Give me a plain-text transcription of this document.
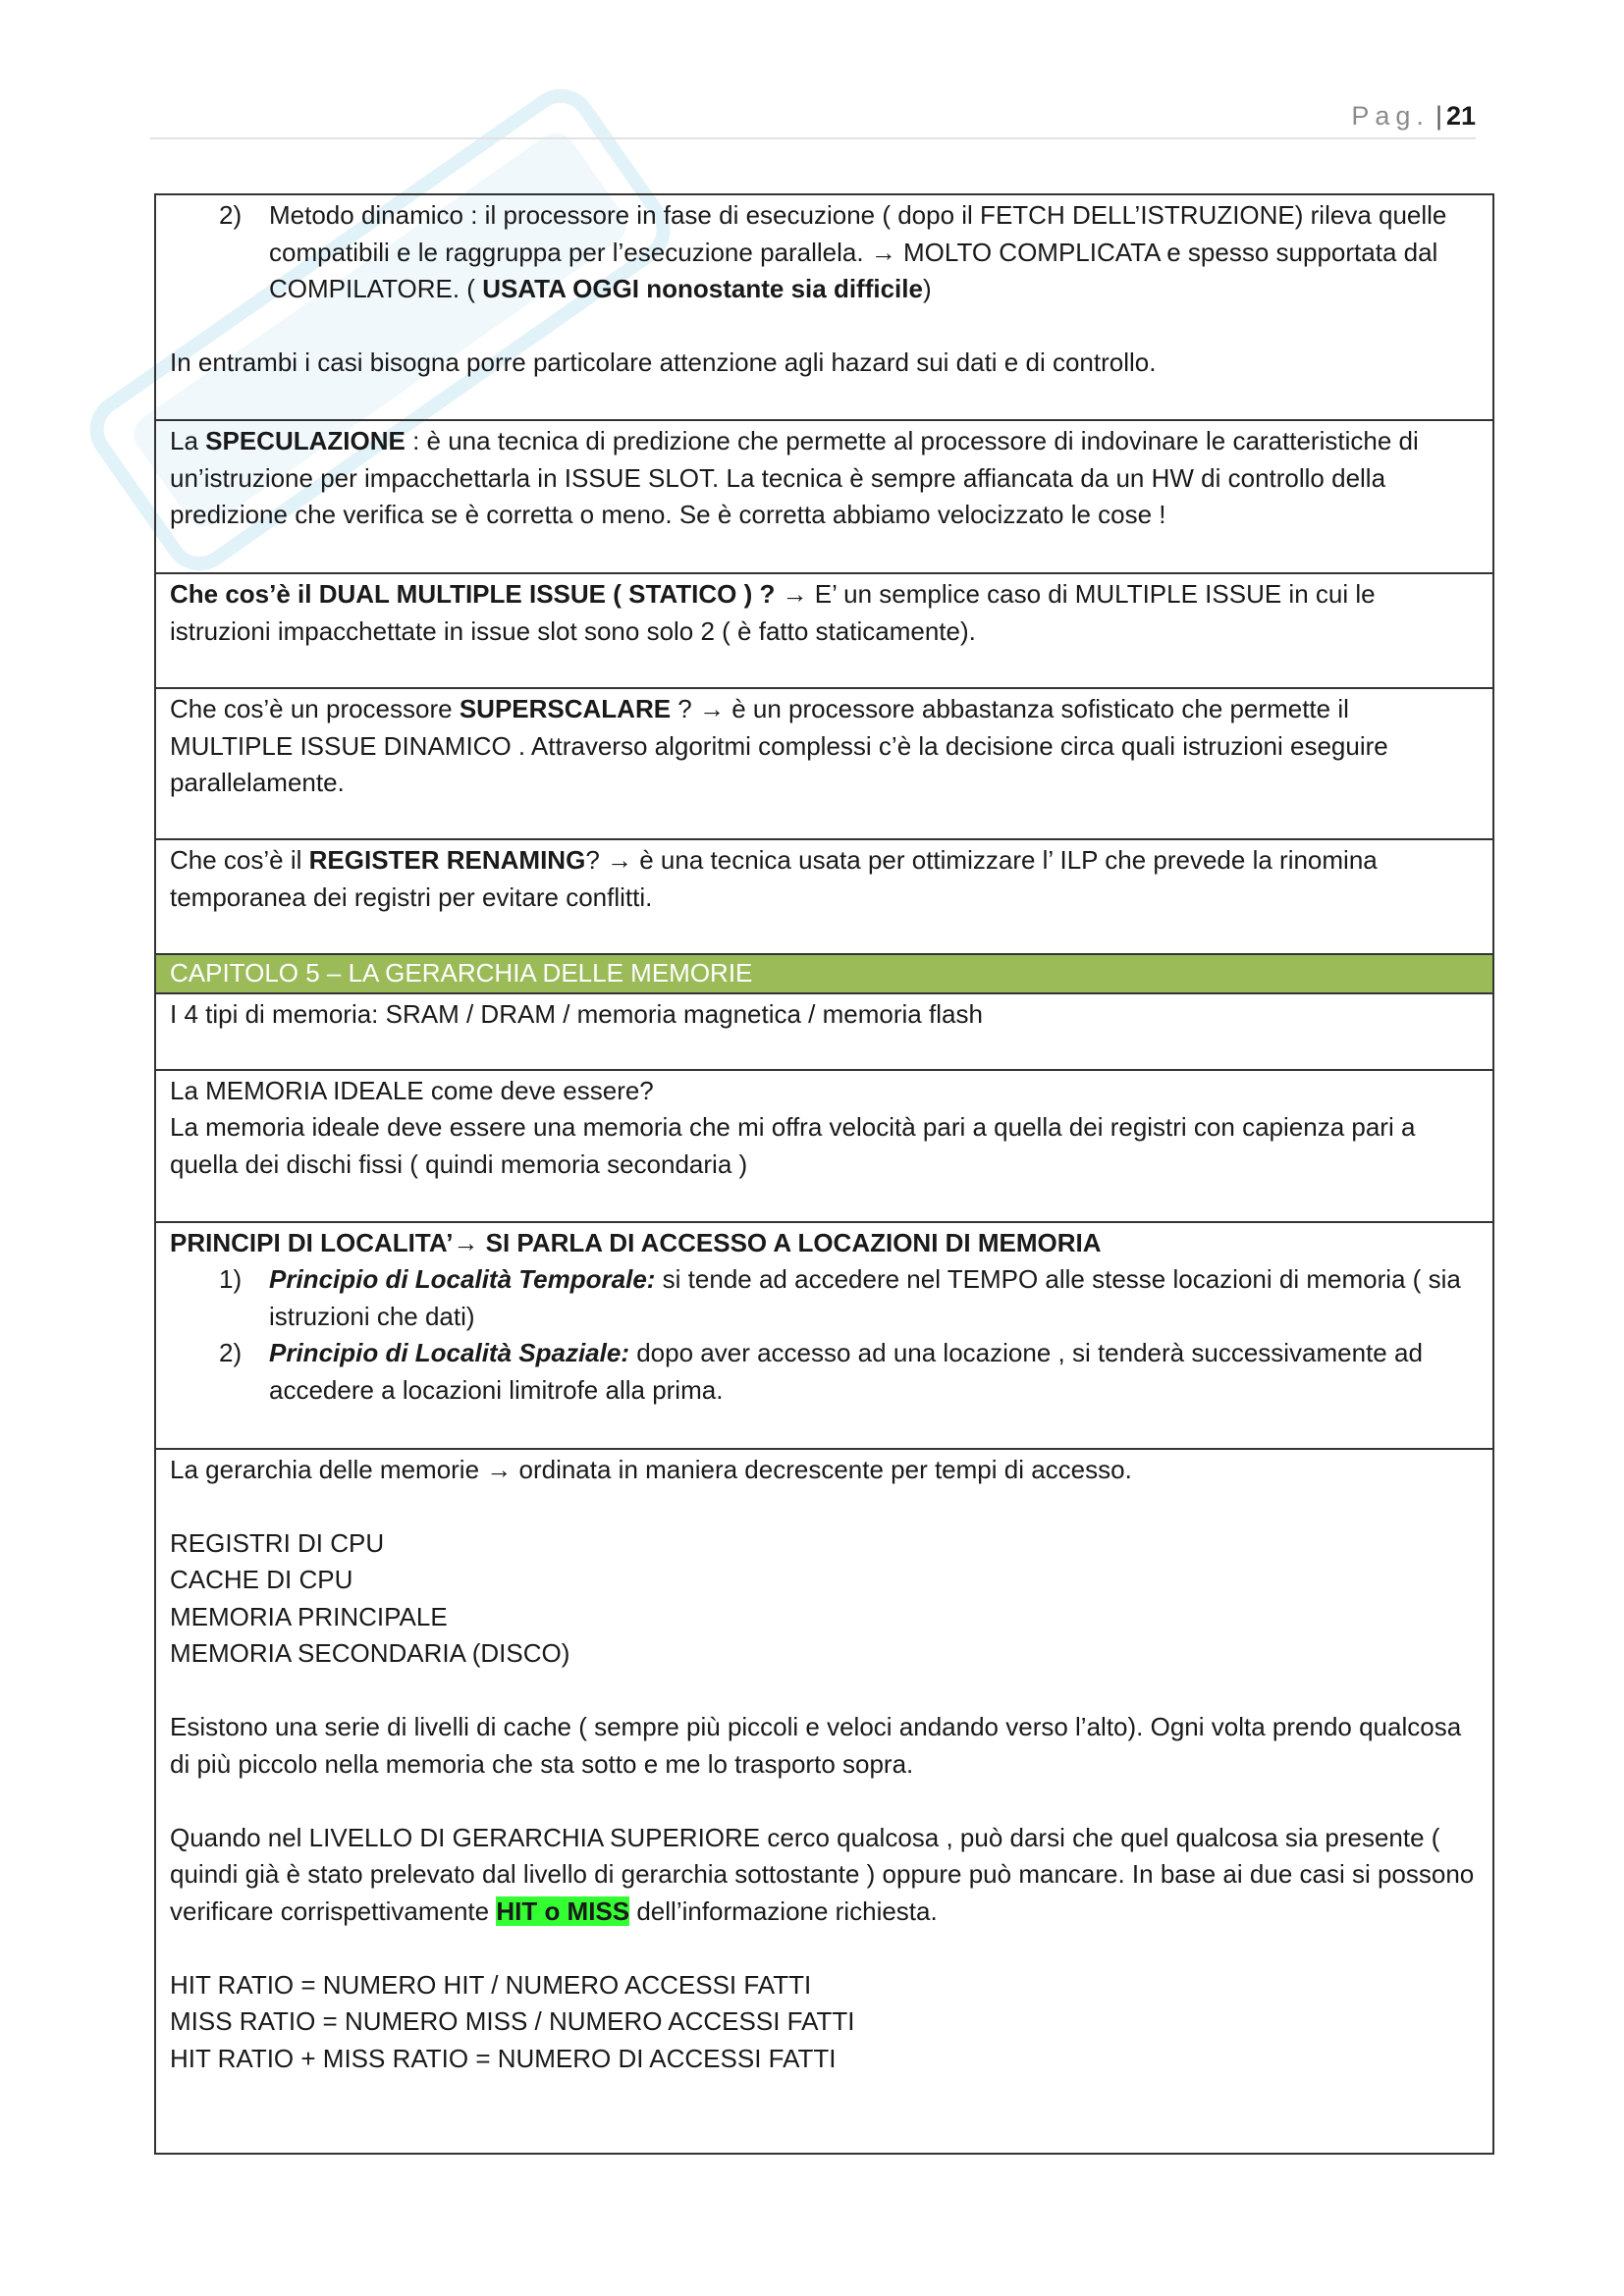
Pag. | 21
2) Metodo dinamico : il processore in fase di esecuzione ( dopo il FETCH DELL’ISTRUZIONE) rileva quelle compatibili e le raggruppa per l’esecuzione parallela. → MOLTO COMPLICATA e spesso supportata dal COMPILATORE. ( USATA OGGI nonostante sia difficile)

In entrambi i casi bisogna porre particolare attenzione agli hazard sui dati e di controllo.

La SPECULAZIONE : è una tecnica di predizione che permette al processore di indovinare le caratteristiche di un’istruzione per impacchettarla in ISSUE SLOT. La tecnica è sempre affiancata da un HW di controllo della predizione che verifica se è corretta o meno. Se è corretta abbiamo velocizzato le cose !

Che cos’è il DUAL MULTIPLE ISSUE ( STATICO ) ? → E’ un semplice caso di MULTIPLE ISSUE in cui le istruzioni impacchettate in issue slot sono solo 2 ( è fatto staticamente).

Che cos’è un processore SUPERSCALARE ? → è un processore abbastanza sofisticato che permette il MULTIPLE ISSUE DINAMICO . Attraverso algoritmi complessi c’è la decisione circa quali istruzioni eseguire parallelamente.

Che cos’è il REGISTER RENAMING? → è una tecnica usata per ottimizzare l’ ILP che prevede la rinomina temporanea dei registri per evitare conflitti.

CAPITOLO 5 – LA GERARCHIA DELLE MEMORIE

I 4 tipi di memoria: SRAM / DRAM / memoria magnetica / memoria flash

La MEMORIA IDEALE come deve essere?

La memoria ideale deve essere una memoria che mi offra velocità pari a quella dei registri con capienza pari a quella dei dischi fissi ( quindi memoria secondaria )

PRINCIPI DI LOCALITA’→ SI PARLA DI ACCESSO A LOCAZIONI DI MEMORIA

1) Principio di Località Temporale: si tende ad accedere nel TEMPO alle stesse locazioni di memoria ( sia istruzioni che dati)
2) Principio di Località Spaziale: dopo aver accesso ad una locazione , si tenderà successivamente ad accedere a locazioni limitrofe alla prima.

La gerarchia delle memorie → ordinata in maniera decrescente per tempi di accesso.

REGISTRI DI CPU

CACHE DI CPU

MEMORIA PRINCIPALE

MEMORIA SECONDARIA (DISCO)

Esistono una serie di livelli di cache ( sempre più piccoli e veloci andando verso l’alto). Ogni volta prendo qualcosa di più piccolo nella memoria che sta sotto e me lo trasporto sopra.

Quando nel LIVELLO DI GERARCHIA SUPERIORE cerco qualcosa , può darsi che quel qualcosa sia presente ( quindi già è stato prelevato dal livello di gerarchia sottostante ) oppure può mancare. In base ai due casi si possono verificare corrispettivamente HIT o MISS dell’informazione richiesta.

HIT RATIO = NUMERO HIT / NUMERO ACCESSI FATTI

MISS RATIO = NUMERO MISS / NUMERO ACCESSI FATTI

HIT RATIO + MISS RATIO = NUMERO DI ACCESSI FATTI
